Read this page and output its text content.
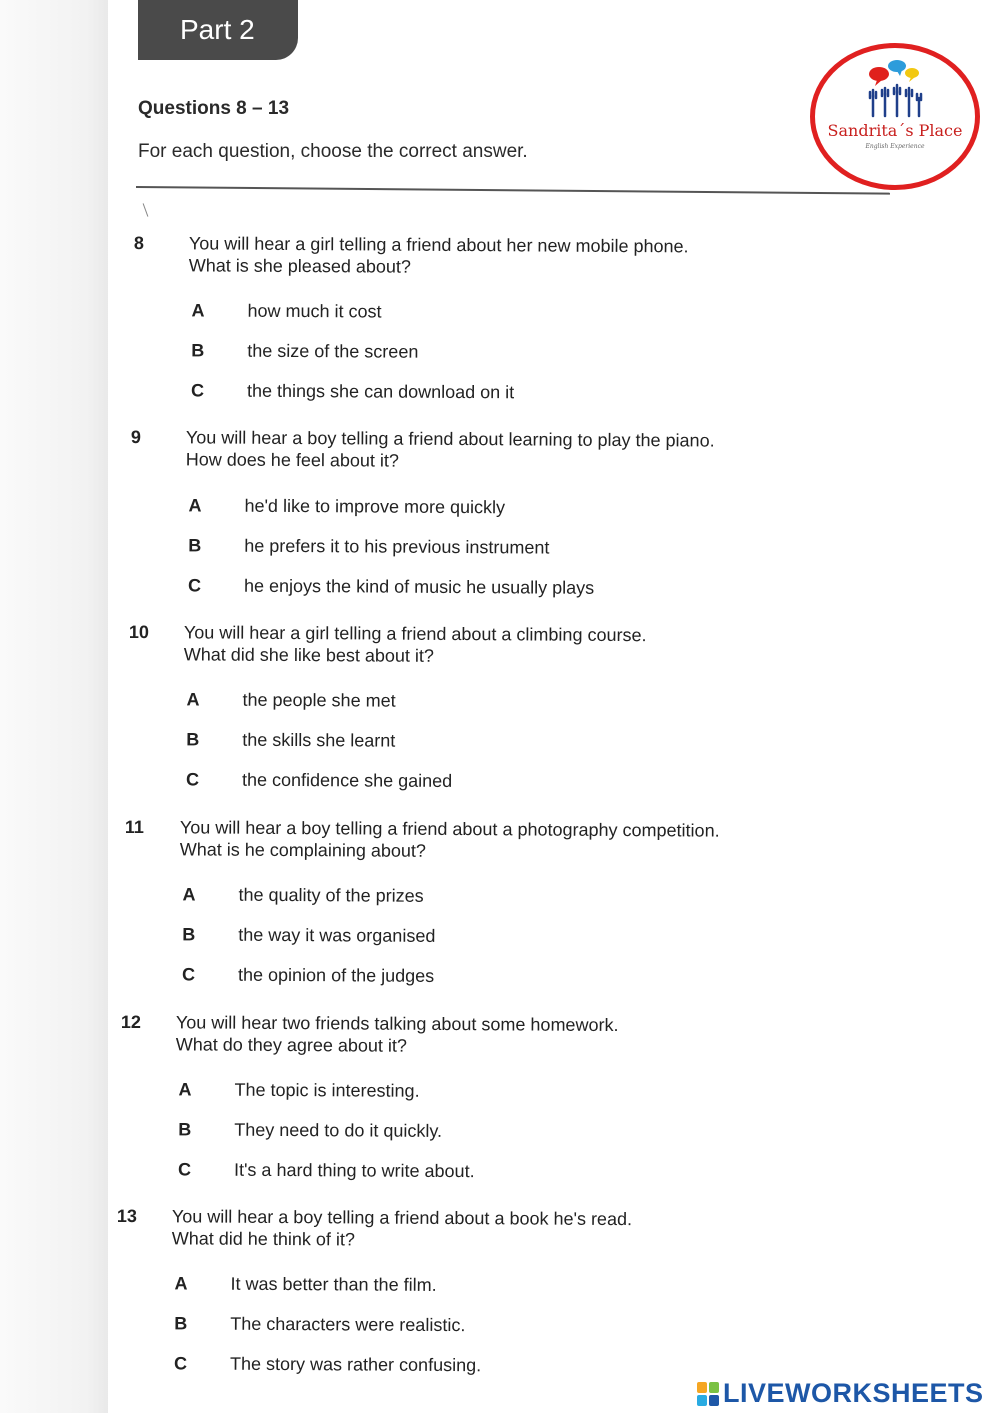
Part 2
Questions 8 – 13
For each question, choose the correct answer.
Sandrita´s Place
English Experience
8	You will hear a girl telling a friend about her new mobile phone.
What is she pleased about?
A how much it cost
B the size of the screen
C the things she can download on it
9	You will hear a boy telling a friend about learning to play the piano.
How does he feel about it?
A he'd like to improve more quickly
B he prefers it to his previous instrument
C he enjoys the kind of music he usually plays
10	You will hear a girl telling a friend about a climbing course.
What did she like best about it?
A the people she met
B the skills she learnt
C the confidence she gained
11	You will hear a boy telling a friend about a photography competition.
What is he complaining about?
A the quality of the prizes
B the way it was organised
C the opinion of the judges
12	You will hear two friends talking about some homework.
What do they agree about it?
A The topic is interesting.
B They need to do it quickly.
C It's a hard thing to write about.
13	You will hear a boy telling a friend about a book he's read.
What did he think of it?
A It was better than the film.
B The characters were realistic.
C The story was rather confusing.
LIVEWORKSHEETS
